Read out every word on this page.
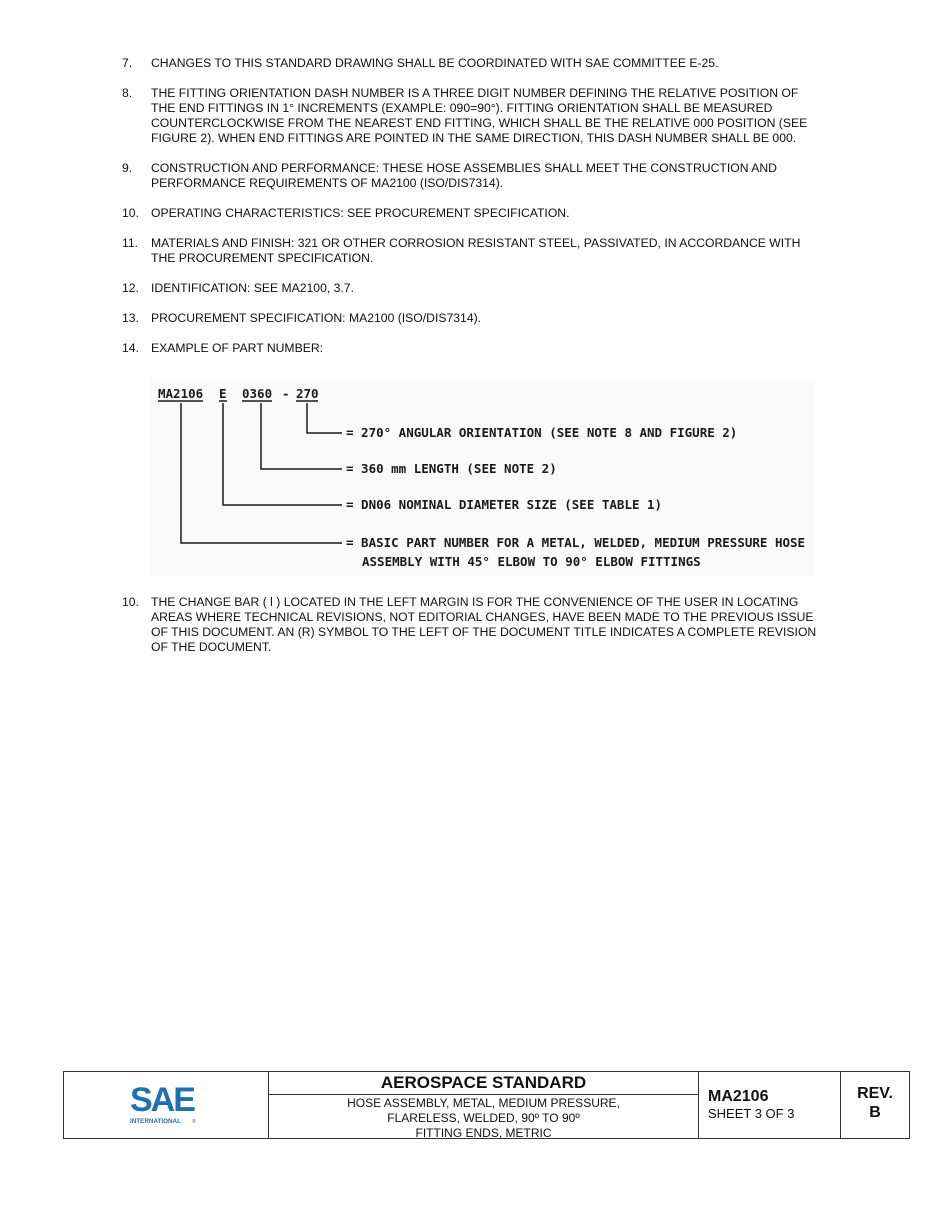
7.	CHANGES TO THIS STANDARD DRAWING SHALL BE COORDINATED WITH SAE COMMITTEE E-25.
8.	THE FITTING ORIENTATION DASH NUMBER IS A THREE DIGIT NUMBER DEFINING THE RELATIVE POSITION OF THE END FITTINGS IN 1° INCREMENTS (EXAMPLE: 090=90°). FITTING ORIENTATION SHALL BE MEASURED COUNTERCLOCKWISE FROM THE NEAREST END FITTING, WHICH SHALL BE THE RELATIVE 000 POSITION (SEE FIGURE 2). WHEN END FITTINGS ARE POINTED IN THE SAME DIRECTION, THIS DASH NUMBER SHALL BE 000.
9.	CONSTRUCTION AND PERFORMANCE: THESE HOSE ASSEMBLIES SHALL MEET THE CONSTRUCTION AND PERFORMANCE REQUIREMENTS OF MA2100 (ISO/DIS7314).
10. OPERATING CHARACTERISTICS: SEE PROCUREMENT SPECIFICATION.
11.	MATERIALS AND FINISH: 321 OR OTHER CORROSION RESISTANT STEEL, PASSIVATED, IN ACCORDANCE WITH THE PROCUREMENT SPECIFICATION.
12. IDENTIFICATION: SEE MA2100, 3.7.
13. PROCUREMENT SPECIFICATION: MA2100 (ISO/DIS7314).
14. EXAMPLE OF PART NUMBER:
MA2106 E 0360 - 270
= 270° ANGULAR ORIENTATION (SEE NOTE 8 AND FIGURE 2)
= 360 mm LENGTH (SEE NOTE 2)
= DN06 NOMINAL DIAMETER SIZE (SEE TABLE 1)
= BASIC PART NUMBER FOR A METAL, WELDED, MEDIUM PRESSURE HOSE
ASSEMBLY WITH 45° ELBOW TO 90° ELBOW FITTINGS
10. THE CHANGE BAR ( l ) LOCATED IN THE LEFT MARGIN IS FOR THE CONVENIENCE OF THE USER IN LOCATING AREAS WHERE TECHNICAL REVISIONS, NOT EDITORIAL CHANGES, HAVE BEEN MADE TO THE PREVIOUS ISSUE OF THIS DOCUMENT. AN (R) SYMBOL TO THE LEFT OF THE DOCUMENT TITLE INDICATES A COMPLETE REVISION OF THE DOCUMENT.
SAE
INTERNATIONAL ®
AEROSPACE STANDARD
HOSE ASSEMBLY, METAL, MEDIUM PRESSURE,
FLARELESS, WELDED, 90º TO 90º
FITTING ENDS, METRIC
MA2106
SHEET 3 OF 3
REV.
B
